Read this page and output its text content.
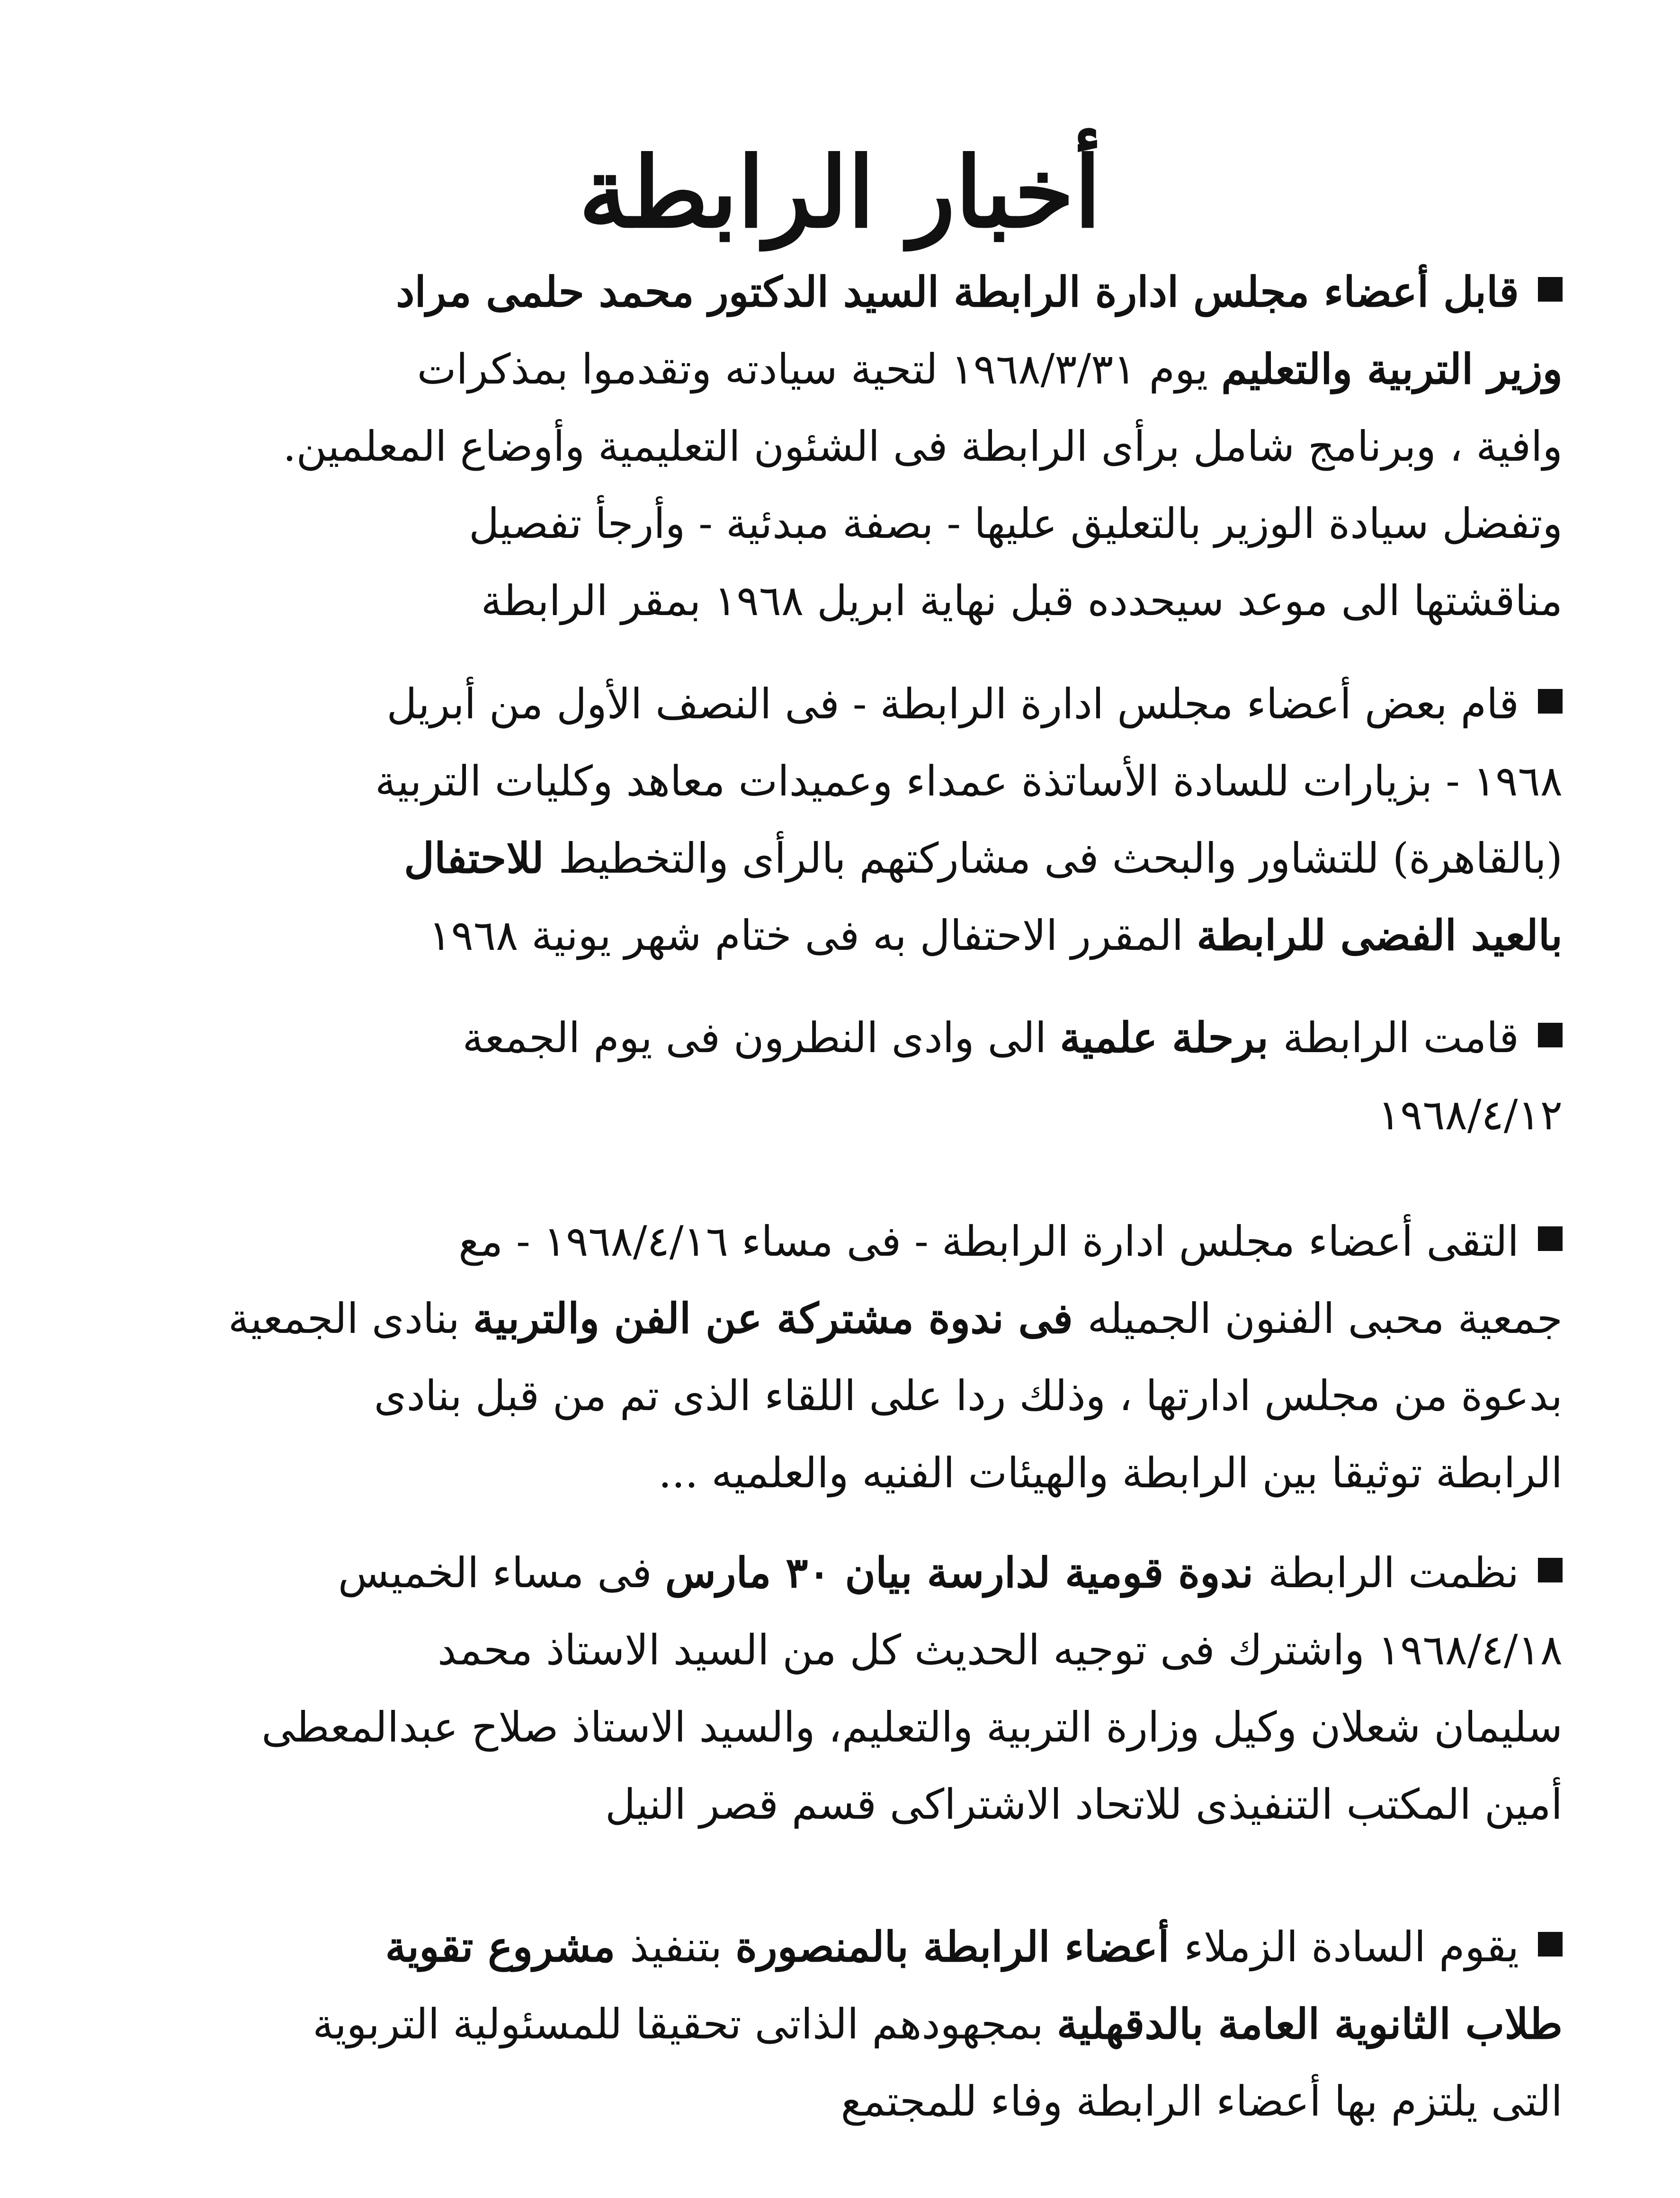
أخبار الرابطة
قابل أعضاء مجلس ادارة الرابطة السيد الدكتور محمد حلمى مراد
وزير التربية والتعليم يوم ١٩٦٨/٣/٣١ لتحية سيادته وتقدموا بمذكرات
وافية ، وبرنامج شامل برأى الرابطة فى الشئون التعليمية وأوضاع المعلمين.
وتفضل سيادة الوزير بالتعليق عليها - بصفة مبدئية - وأرجأ تفصيل
مناقشتها الى موعد سيحدده قبل نهاية ابريل ١٩٦٨ بمقر الرابطة
قام بعض أعضاء مجلس ادارة الرابطة - فى النصف الأول من أبريل
١٩٦٨ - بزيارات للسادة الأساتذة عمداء وعميدات معاهد وكليات التربية
(بالقاهرة) للتشاور والبحث فى مشاركتهم بالرأى والتخطيط للاحتفال
بالعيد الفضى للرابطة المقرر الاحتفال به فى ختام شهر يونية ١٩٦٨
قامت الرابطة برحلة علمية الى وادى النطرون فى يوم الجمعة
١٩٦٨/٤/١٢
التقى أعضاء مجلس ادارة الرابطة - فى مساء ١٩٦٨/٤/١٦ - مع
جمعية محبى الفنون الجميله فى ندوة مشتركة عن الفن والتربية بنادى الجمعية
بدعوة من مجلس ادارتها ، وذلك ردا على اللقاء الذى تم من قبل بنادى
الرابطة توثيقا بين الرابطة والهيئات الفنيه والعلميه ...
نظمت الرابطة ندوة قومية لدارسة بيان ٣٠ مارس فى مساء الخميس
١٩٦٨/٤/١٨ واشترك فى توجيه الحديث كل من السيد الاستاذ محمد
سليمان شعلان وكيل وزارة التربية والتعليم، والسيد الاستاذ صلاح عبدالمعطى
أمين المكتب التنفيذى للاتحاد الاشتراكى قسم قصر النيل
يقوم السادة الزملاء أعضاء الرابطة بالمنصورة بتنفيذ مشروع تقوية
طلاب الثانوية العامة بالدقهلية بمجهودهم الذاتى تحقيقا للمسئولية التربوية
التى يلتزم بها أعضاء الرابطة وفاء للمجتمع
